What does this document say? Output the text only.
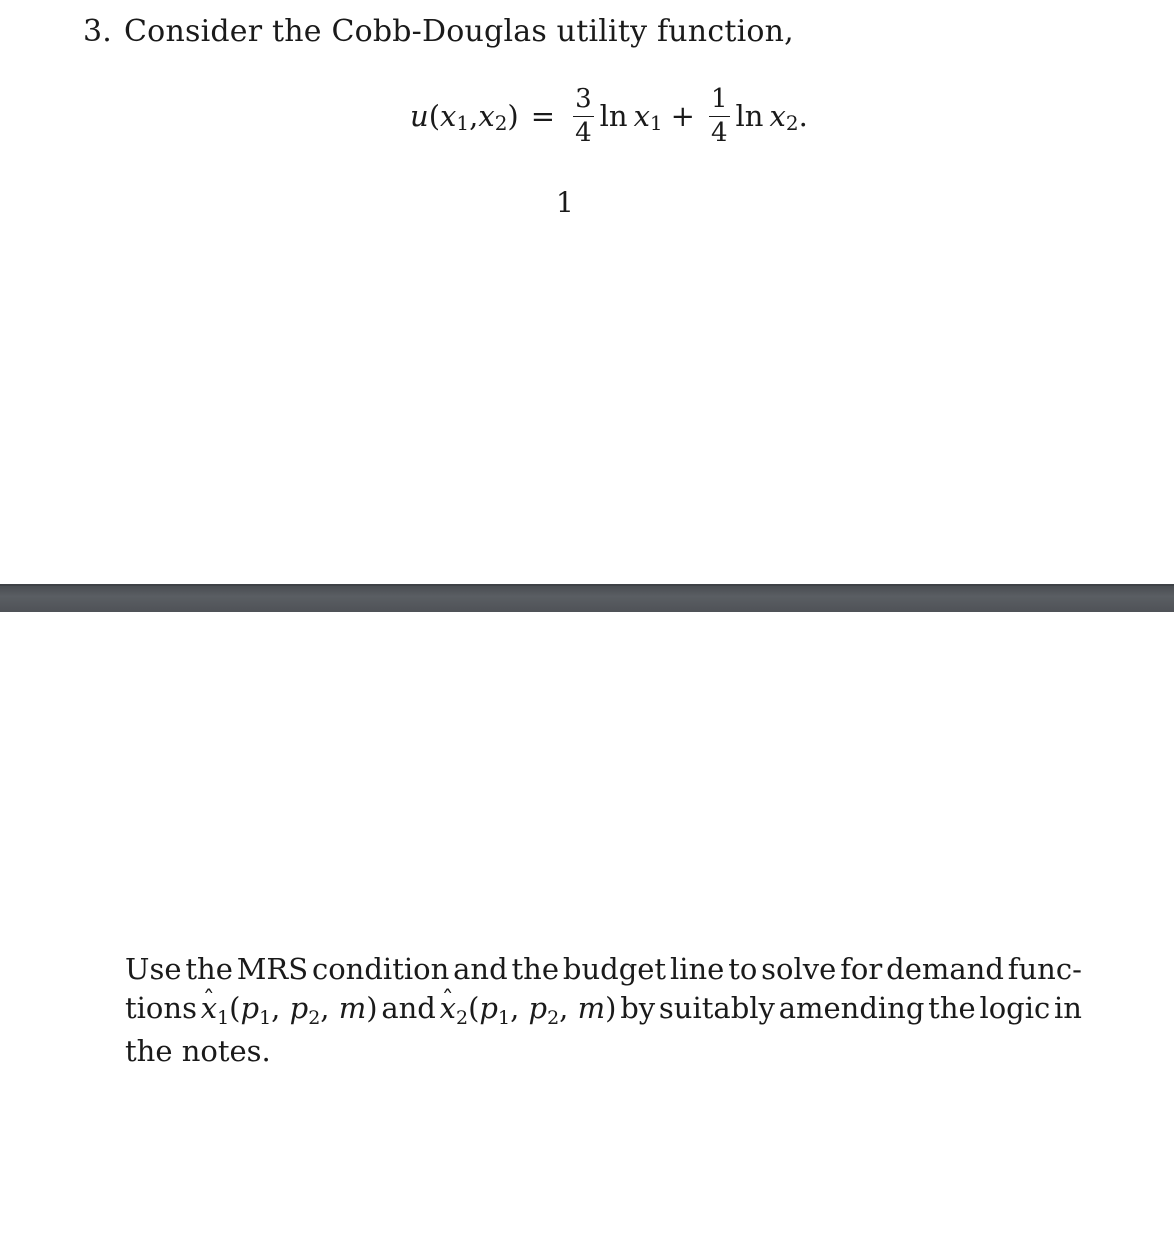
3. Consider the Cobb-Douglas utility function,
u ( x 1 , x 2 ) = $\frac{3}{4}$ ln x $1 + \frac{1}{4}$ ln x 2 .
1
Use the MRS condition and the budget line to solve for demand func-
tions ˆ $x_1(p_1$, $p_2$, m) and ˆ $x_2(p_1$, $p_2$, m) by suitably amending the logic in
the notes.
